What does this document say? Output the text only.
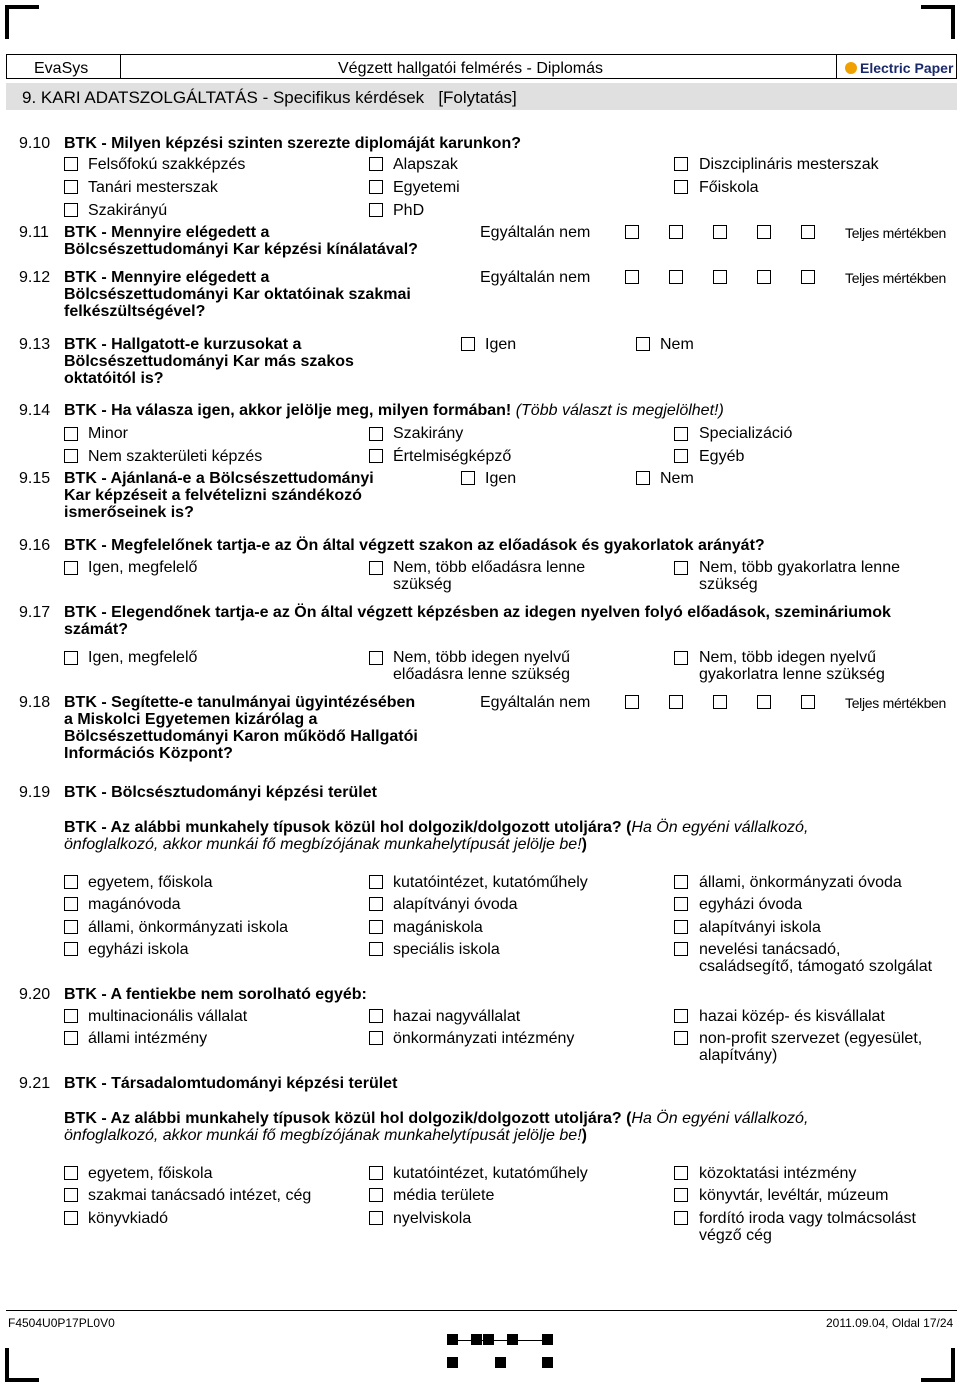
EvaSys	Végzett hallgatói felmérés - Diplomás	Electric Paper
9. KARI ADATSZOLGÁLTATÁS - Specifikus kérdések [Folytatás]
9.10 BTK - Milyen képzési szinten szerezte diplomáját karunkon?
Felsőfokú szakképzés	Alapszak	Diszciplináris mesterszak
Tanári mesterszak	Egyetemi	Főiskola
Szakirányú	PhD
9.11 BTK - Mennyire elégedett a
Bölcsészettudományi Kar képzési kínálatával?
Egyáltalán nem	Teljes mértékben
9.12 BTK - Mennyire elégedett a
Bölcsészettudományi Kar oktatóinak szakmai
felkészültségével?
Egyáltalán nem	Teljes mértékben
9.13 BTK - Hallgatott-e kurzusokat a
Bölcsészettudományi Kar más szakos
oktatóitól is?
Igen	Nem
9.14 BTK - Ha válasza igen, akkor jelölje meg, milyen formában! (Több választ is megjelölhet!)
Minor	Szakirány	Specializáció
Nem szakterületi képzés	Értelmiségképző	Egyéb
9.15 BTK - Ajánlaná-e a Bölcsészettudományi
Kar képzéseit a felvételizni szándékozó
ismerőseinek is?
Igen	Nem
9.16 BTK - Megfelelőnek tartja-e az Ön által végzett szakon az előadások és gyakorlatok arányát?
Igen, megfelelő	Nem, több előadásra lenne
szükség
Nem, több gyakorlatra lenne
szükség
9.17 BTK - Elegendőnek tartja-e az Ön által végzett képzésben az idegen nyelven folyó előadások, szemináriumok
számát?
Igen, megfelelő	Nem, több idegen nyelvű
előadásra lenne szükség
Nem, több idegen nyelvű
gyakorlatra lenne szükség
9.18 BTK - Segítette-e tanulmányai ügyintézésében
a Miskolci Egyetemen kizárólag a
Bölcsészettudományi Karon működő Hallgatói
Információs Központ?
Egyáltalán nem	Teljes mértékben
9.19 BTK - Bölcsésztudományi képzési terület
BTK - Az alábbi munkahely típusok közül hol dolgozik/dolgozott utoljára? (Ha Ön egyéni vállalkozó,
önfoglalkozó, akkor munkái fő megbízójának munkahelytípusát jelölje be!)
egyetem, főiskola	kutatóintézet, kutatóműhely	állami, önkormányzati óvoda
magánóvoda	alapítványi óvoda	egyházi óvoda
állami, önkormányzati iskola	magániskola	alapítványi iskola
egyházi iskola	speciális iskola	nevelési tanácsadó,
családsegítő, támogató szolgálat
9.20 BTK - A fentiekbe nem sorolható egyéb:
multinacionális vállalat	hazai nagyvállalat	hazai közép- és kisvállalat
állami intézmény	önkormányzati intézmény	non-profit szervezet (egyesület,
alapítvány)
9.21 BTK - Társadalomtudományi képzési terület
BTK - Az alábbi munkahely típusok közül hol dolgozik/dolgozott utoljára? (Ha Ön egyéni vállalkozó,
önfoglalkozó, akkor munkái fő megbízójának munkahelytípusát jelölje be!)
egyetem, főiskola	kutatóintézet, kutatóműhely	közoktatási intézmény
szakmai tanácsadó intézet, cég	média területe	könyvtár, levéltár, múzeum
könyvkiadó	nyelviskola	fordító iroda vagy tolmácsolást
végző cég
F4504U0P17PL0V0	2011.09.04, Oldal 17/24
